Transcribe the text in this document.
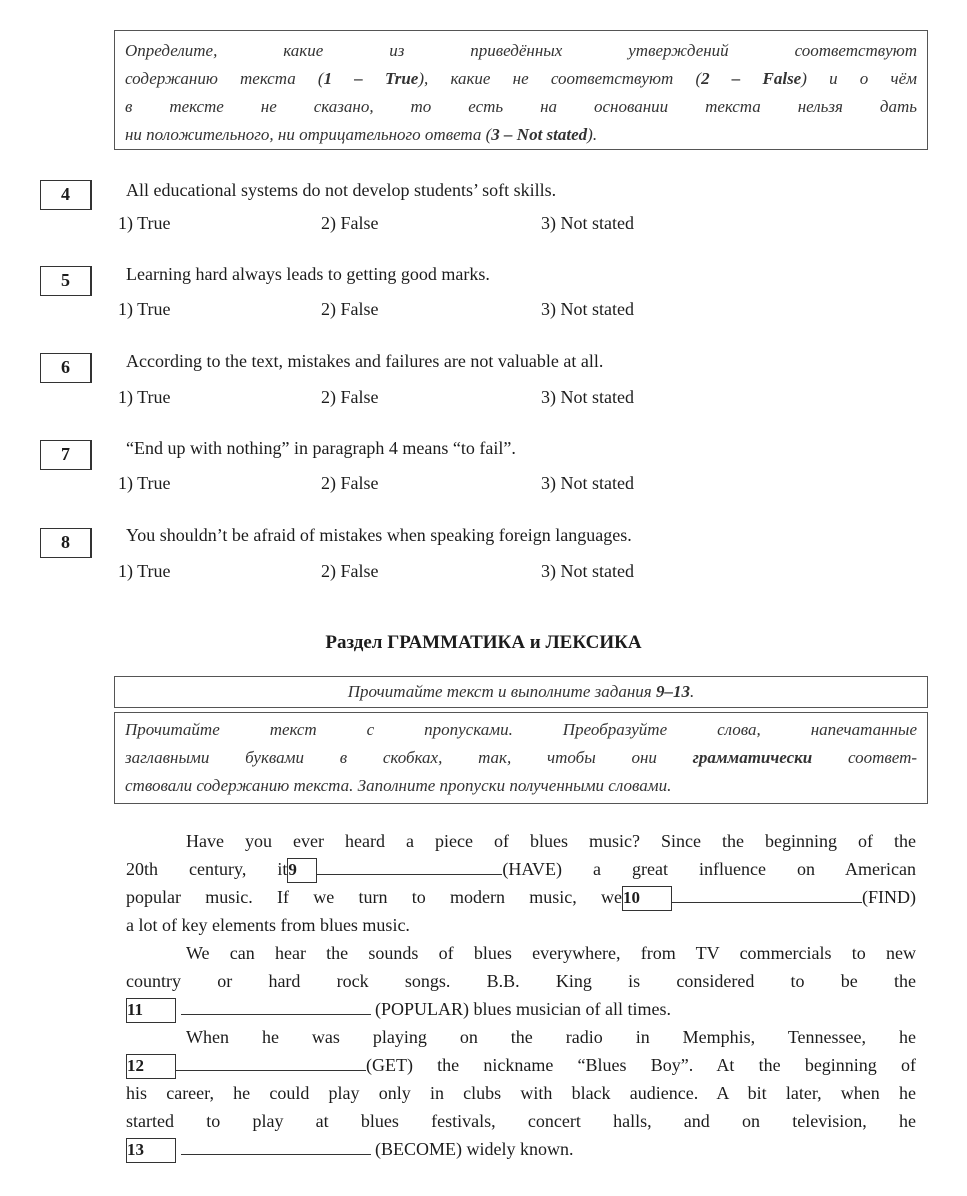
Определите, какие из приведённых утверждений соответствуют
содержанию текста (1 – True), какие не соответствуют (2 – False) и о чём
в тексте не сказано, то есть на основании текста нельзя дать
ни положительного, ни отрицательного ответа (3 – Not stated).
4	All educational systems do not develop students’ soft skills.
1) True	2) False	3) Not stated
5	Learning hard always leads to getting good marks.
1) True	2) False	3) Not stated
6	According to the text, mistakes and failures are not valuable at all.
1) True	2) False	3) Not stated
7	“End up with nothing” in paragraph 4 means “to fail”.
1) True	2) False	3) Not stated
8	You shouldn’t be afraid of mistakes when speaking foreign languages.
1) True	2) False	3) Not stated
Раздел ГРАММАТИКА и ЛЕКСИКА
Прочитайте текст и выполните задания 9–13.
Прочитайте текст с пропусками. Преобразуйте слова, напечатанные
заглавными буквами в скобках, так, чтобы они грамматически соответ-
ствовали содержанию текста. Заполните пропуски полученными словами.
Have you ever heard a piece of blues music? Since the beginning of the
20th century, it9	(HAVE) a great influence on American
popular music. If we turn to modern music, we10	(FIND)
a lot of key elements from blues music.
We can hear the sounds of blues everywhere, from TV commercials to new
country or hard rock songs. B.B. King is considered to be the
11	(POPULAR) blues musician of all times.
When he was playing on the radio in Memphis, Tennessee, he
12	(GET) the nickname “Blues Boy”. At the beginning of
his career, he could play only in clubs with black audience. A bit later, when he
started to play at blues festivals, concert halls, and on television, he
13	(BECOME) widely known.
